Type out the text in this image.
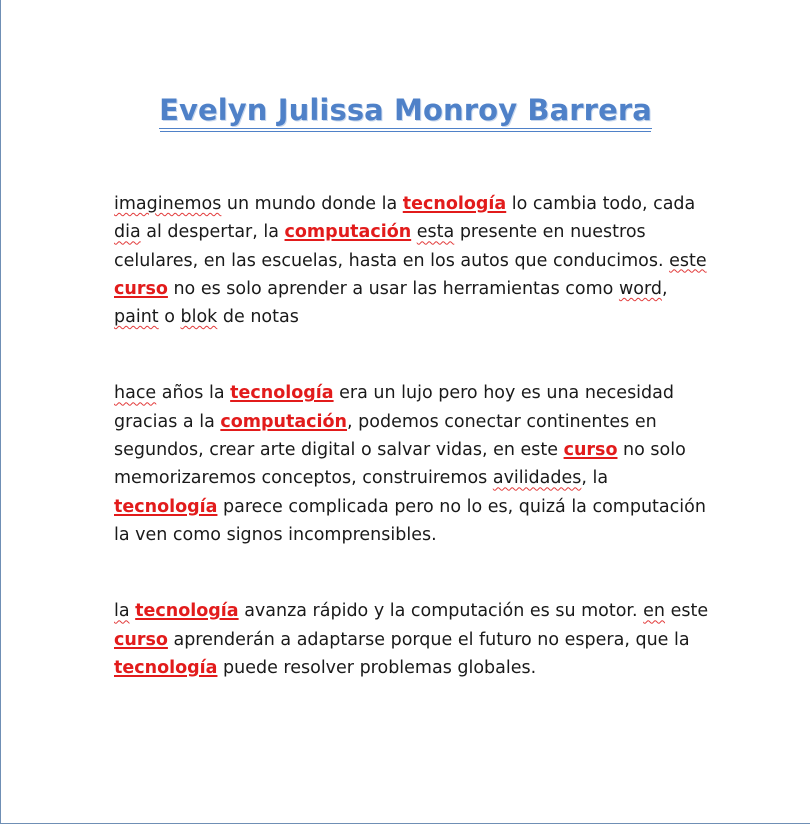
Evelyn Julissa Monroy Barrera

imaginemos un mundo donde la tecnología lo cambia todo, cada dia al despertar, la computación esta presente en nuestros celulares, en las escuelas, hasta en los autos que conducimos. este curso no es solo aprender a usar las herramientas como word, paint o blok de notas

hace años la tecnología era un lujo pero hoy es una necesidad gracias a la computación, podemos conectar continentes en segundos, crear arte digital o salvar vidas, en este curso no solo memorizaremos conceptos, construiremos avilidades, la tecnología parece complicada pero no lo es, quizá la computación la ven como signos incomprensibles.

la tecnología avanza rápido y la computación es su motor. en este curso aprenderán a adaptarse porque el futuro no espera, que la tecnología puede resolver problemas globales.
